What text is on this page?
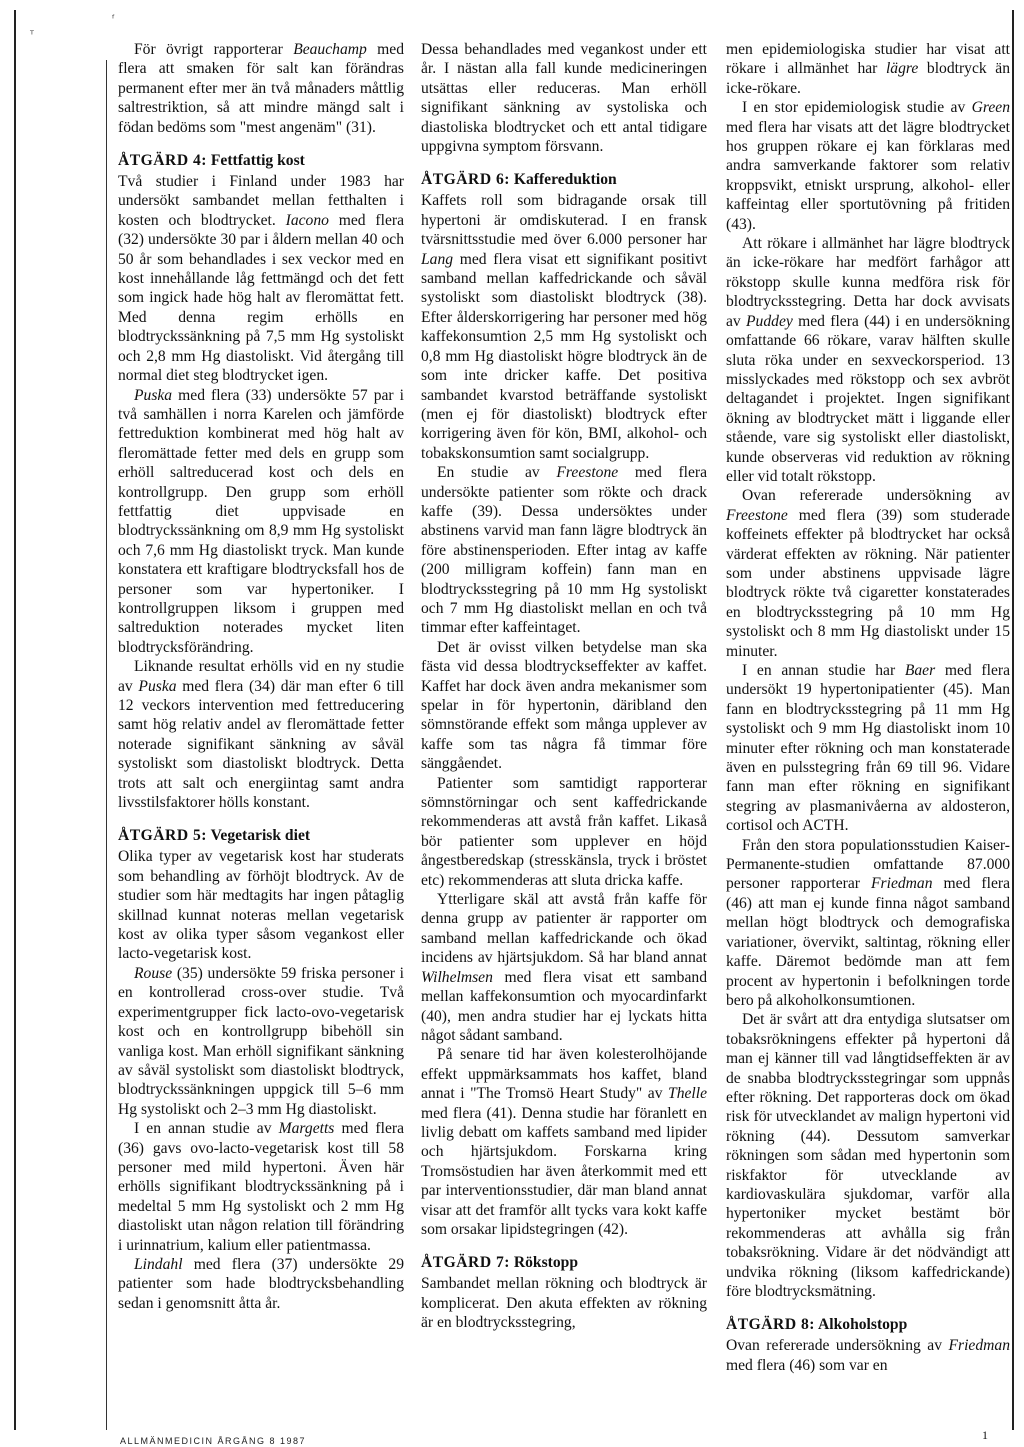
ᵀ
ᶠ

För övrigt rapporterar Beauchamp med flera att smaken för salt kan förändras permanent efter mer än två månaders måttlig saltrestriktion, så att mindre mängd salt i födan bedöms som "mest angenäm" (31).

ÅTGÄRD 4: Fettfattig kost

Två studier i Finland under 1983 har undersökt sambandet mellan fetthalten i kosten och blodtrycket. Iacono med flera (32) undersökte 30 par i åldern mellan 40 och 50 år som behandlades i sex veckor med en kost innehållande låg fettmängd och det fett som ingick hade hög halt av fleromättat fett. Med denna regim erhölls en blodtryckssänkning på 7,5 mm Hg systoliskt och 2,8 mm Hg diastoliskt. Vid återgång till normal diet steg blodtrycket igen.

Puska med flera (33) undersökte 57 par i två samhällen i norra Karelen och jämförde fettreduktion kombinerat med hög halt av fleromättade fetter med dels en grupp som erhöll saltreducerad kost och dels en kontrollgrupp. Den grupp som erhöll fettfattig diet uppvisade en blodtryckssänkning om 8,9 mm Hg systoliskt och 7,6 mm Hg diastoliskt tryck. Man kunde konstatera ett kraftigare blodtrycksfall hos de personer som var hypertoniker. I kontrollgruppen liksom i gruppen med saltreduktion noterades mycket liten blodtrycksförändring.

Liknande resultat erhölls vid en ny studie av Puska med flera (34) där man efter 6 till 12 veckors intervention med fettreducering samt hög relativ andel av fleromättade fetter noterade signifikant sänkning av såväl systoliskt som diastoliskt blodtryck. Detta trots att salt och energiintag samt andra livsstilsfaktorer hölls konstant.

ÅTGÄRD 5: Vegetarisk diet

Olika typer av vegetarisk kost har studerats som behandling av förhöjt blodtryck. Av de studier som här medtagits har ingen påtaglig skillnad kunnat noteras mellan vegetarisk kost av olika typer såsom vegankost eller lacto-vegetarisk kost.

Rouse (35) undersökte 59 friska personer i en kontrollerad cross-over studie. Två experimentgrupper fick lacto-ovo-vegetarisk kost och en kontrollgrupp bibehöll sin vanliga kost. Man erhöll signifikant sänkning av såväl systoliskt som diastoliskt blodtryck, blodtryckssänkningen uppgick till 5–6 mm Hg systoliskt och 2–3 mm Hg diastoliskt.

I en annan studie av Margetts med flera (36) gavs ovo-lacto-vegetarisk kost till 58 personer med mild hypertoni. Även här erhölls signifikant blodtryckssänkning på i medeltal 5 mm Hg systoliskt och 2 mm Hg diastoliskt utan någon relation till förändring i urinnatrium, kalium eller patientmassa.

Lindahl med flera (37) undersökte 29 patienter som hade blodtrycksbehandling sedan i genomsnitt åtta år.

Dessa behandlades med vegankost under ett år. I nästan alla fall kunde medicineringen utsättas eller reduceras. Man erhöll signifikant sänkning av systoliska och diastoliska blodtrycket och ett antal tidigare uppgivna symptom försvann.

ÅTGÄRD 6: Kaffereduktion

Kaffets roll som bidragande orsak till hypertoni är omdiskuterad. I en fransk tvärsnittsstudie med över 6.000 personer har Lang med flera visat ett signifikant positivt samband mellan kaffedrickande och såväl systoliskt som diastoliskt blodtryck (38). Efter ålderskorrigering har personer med hög kaffekonsumtion 2,5 mm Hg systoliskt och 0,8 mm Hg diastoliskt högre blodtryck än de som inte dricker kaffe. Det positiva sambandet kvarstod beträffande systoliskt (men ej för diastoliskt) blodtryck efter korrigering även för kön, BMI, alkohol- och tobakskonsumtion samt socialgrupp.

En studie av Freestone med flera undersökte patienter som rökte och drack kaffe (39). Dessa undersöktes under abstinens varvid man fann lägre blodtryck än före abstinensperioden. Efter intag av kaffe (200 milligram koffein) fann man en blodtrycksstegring på 10 mm Hg systoliskt och 7 mm Hg diastoliskt mellan en och två timmar efter kaffeintaget.

Det är ovisst vilken betydelse man ska fästa vid dessa blodtryckseffekter av kaffet. Kaffet har dock även andra mekanismer som spelar in för hypertonin, däribland den sömnstörande effekt som många upplever av kaffe som tas några få timmar före sänggåendet.

Patienter som samtidigt rapporterar sömnstörningar och sent kaffedrickande rekommenderas att avstå från kaffet. Likaså bör patienter som upplever en höjd ångestberedskap (stresskänsla, tryck i bröstet etc) rekommenderas att sluta dricka kaffe.

Ytterligare skäl att avstå från kaffe för denna grupp av patienter är rapporter om samband mellan kaffedrickande och ökad incidens av hjärtsjukdom. Så har bland annat Wilhelmsen med flera visat ett samband mellan kaffekonsumtion och myocardinfarkt (40), men andra studier har ej lyckats hitta något sådant samband.

På senare tid har även kolesterolhöjande effekt uppmärksammats hos kaffet, bland annat i "The Tromsö Heart Study" av Thelle med flera (41). Denna studie har föranlett en livlig debatt om kaffets samband med lipider och hjärtsjukdom. Forskarna kring Tromsöstudien har även återkommit med ett par interventionsstudier, där man bland annat visar att det framför allt tycks vara kokt kaffe som orsakar lipidstegringen (42).

ÅTGÄRD 7: Rökstopp

Sambandet mellan rökning och blodtryck är komplicerat. Den akuta effekten av rökning är en blodtrycksstegring,

men epidemiologiska studier har visat att rökare i allmänhet har lägre blodtryck än icke-rökare.

I en stor epidemiologisk studie av Green med flera har visats att det lägre blodtrycket hos gruppen rökare ej kan förklaras med andra samverkande faktorer som relativ kroppsvikt, etniskt ursprung, alkohol- eller kaffeintag eller sportutövning på fritiden (43).

Att rökare i allmänhet har lägre blodtryck än icke-rökare har medfört farhågor att rökstopp skulle kunna medföra risk för blodtrycksstegring. Detta har dock avvisats av Puddey med flera (44) i en undersökning omfattande 66 rökare, varav hälften skulle sluta röka under en sexveckorsperiod. 13 misslyckades med rökstopp och sex avbröt deltagandet i projektet. Ingen signifikant ökning av blodtrycket mätt i liggande eller stående, vare sig systoliskt eller diastoliskt, kunde observeras vid reduktion av rökning eller vid totalt rökstopp.

Ovan refererade undersökning av Freestone med flera (39) som studerade koffeinets effekter på blodtrycket har också värderat effekten av rökning. När patienter som under abstinens uppvisade lägre blodtryck rökte två cigaretter konstaterades en blodtrycksstegring på 10 mm Hg systoliskt och 8 mm Hg diastoliskt under 15 minuter.

I en annan studie har Baer med flera undersökt 19 hypertonipatienter (45). Man fann en blodtrycksstegring på 11 mm Hg systoliskt och 9 mm Hg diastoliskt inom 10 minuter efter rökning och man konstaterade även en pulsstegring från 69 till 96. Vidare fann man efter rökning en signifikant stegring av plasmanivåerna av aldosteron, cortisol och ACTH.

Från den stora populationsstudien Kaiser-Permanente-studien omfattande 87.000 personer rapporterar Friedman med flera (46) att man ej kunde finna något samband mellan högt blodtryck och demografiska variationer, övervikt, saltintag, rökning eller kaffe. Däremot bedömde man att fem procent av hypertonin i befolkningen torde bero på alkoholkonsumtionen.

Det är svårt att dra entydiga slutsatser om tobaksrökningens effekter på hypertoni då man ej känner till vad långtidseffekten är av de snabba blodtrycksstegringar som uppnås efter rökning. Det rapporteras dock om ökad risk för utvecklandet av malign hypertoni vid rökning (44). Dessutom samverkar rökningen som sådan med hypertonin som riskfaktor för utvecklande av kardiovaskulära sjukdomar, varför alla hypertoniker mycket bestämt bör rekommenderas att avhålla sig från tobaksrökning. Vidare är det nödvändigt att undvika rökning (liksom kaffedrickande) före blodtrycksmätning.

ÅTGÄRD 8: Alkoholstopp

Ovan refererade undersökning av Friedman med flera (46) som var en

ALLMÄNMEDICIN ÅRGÅNG 8 1987	1
